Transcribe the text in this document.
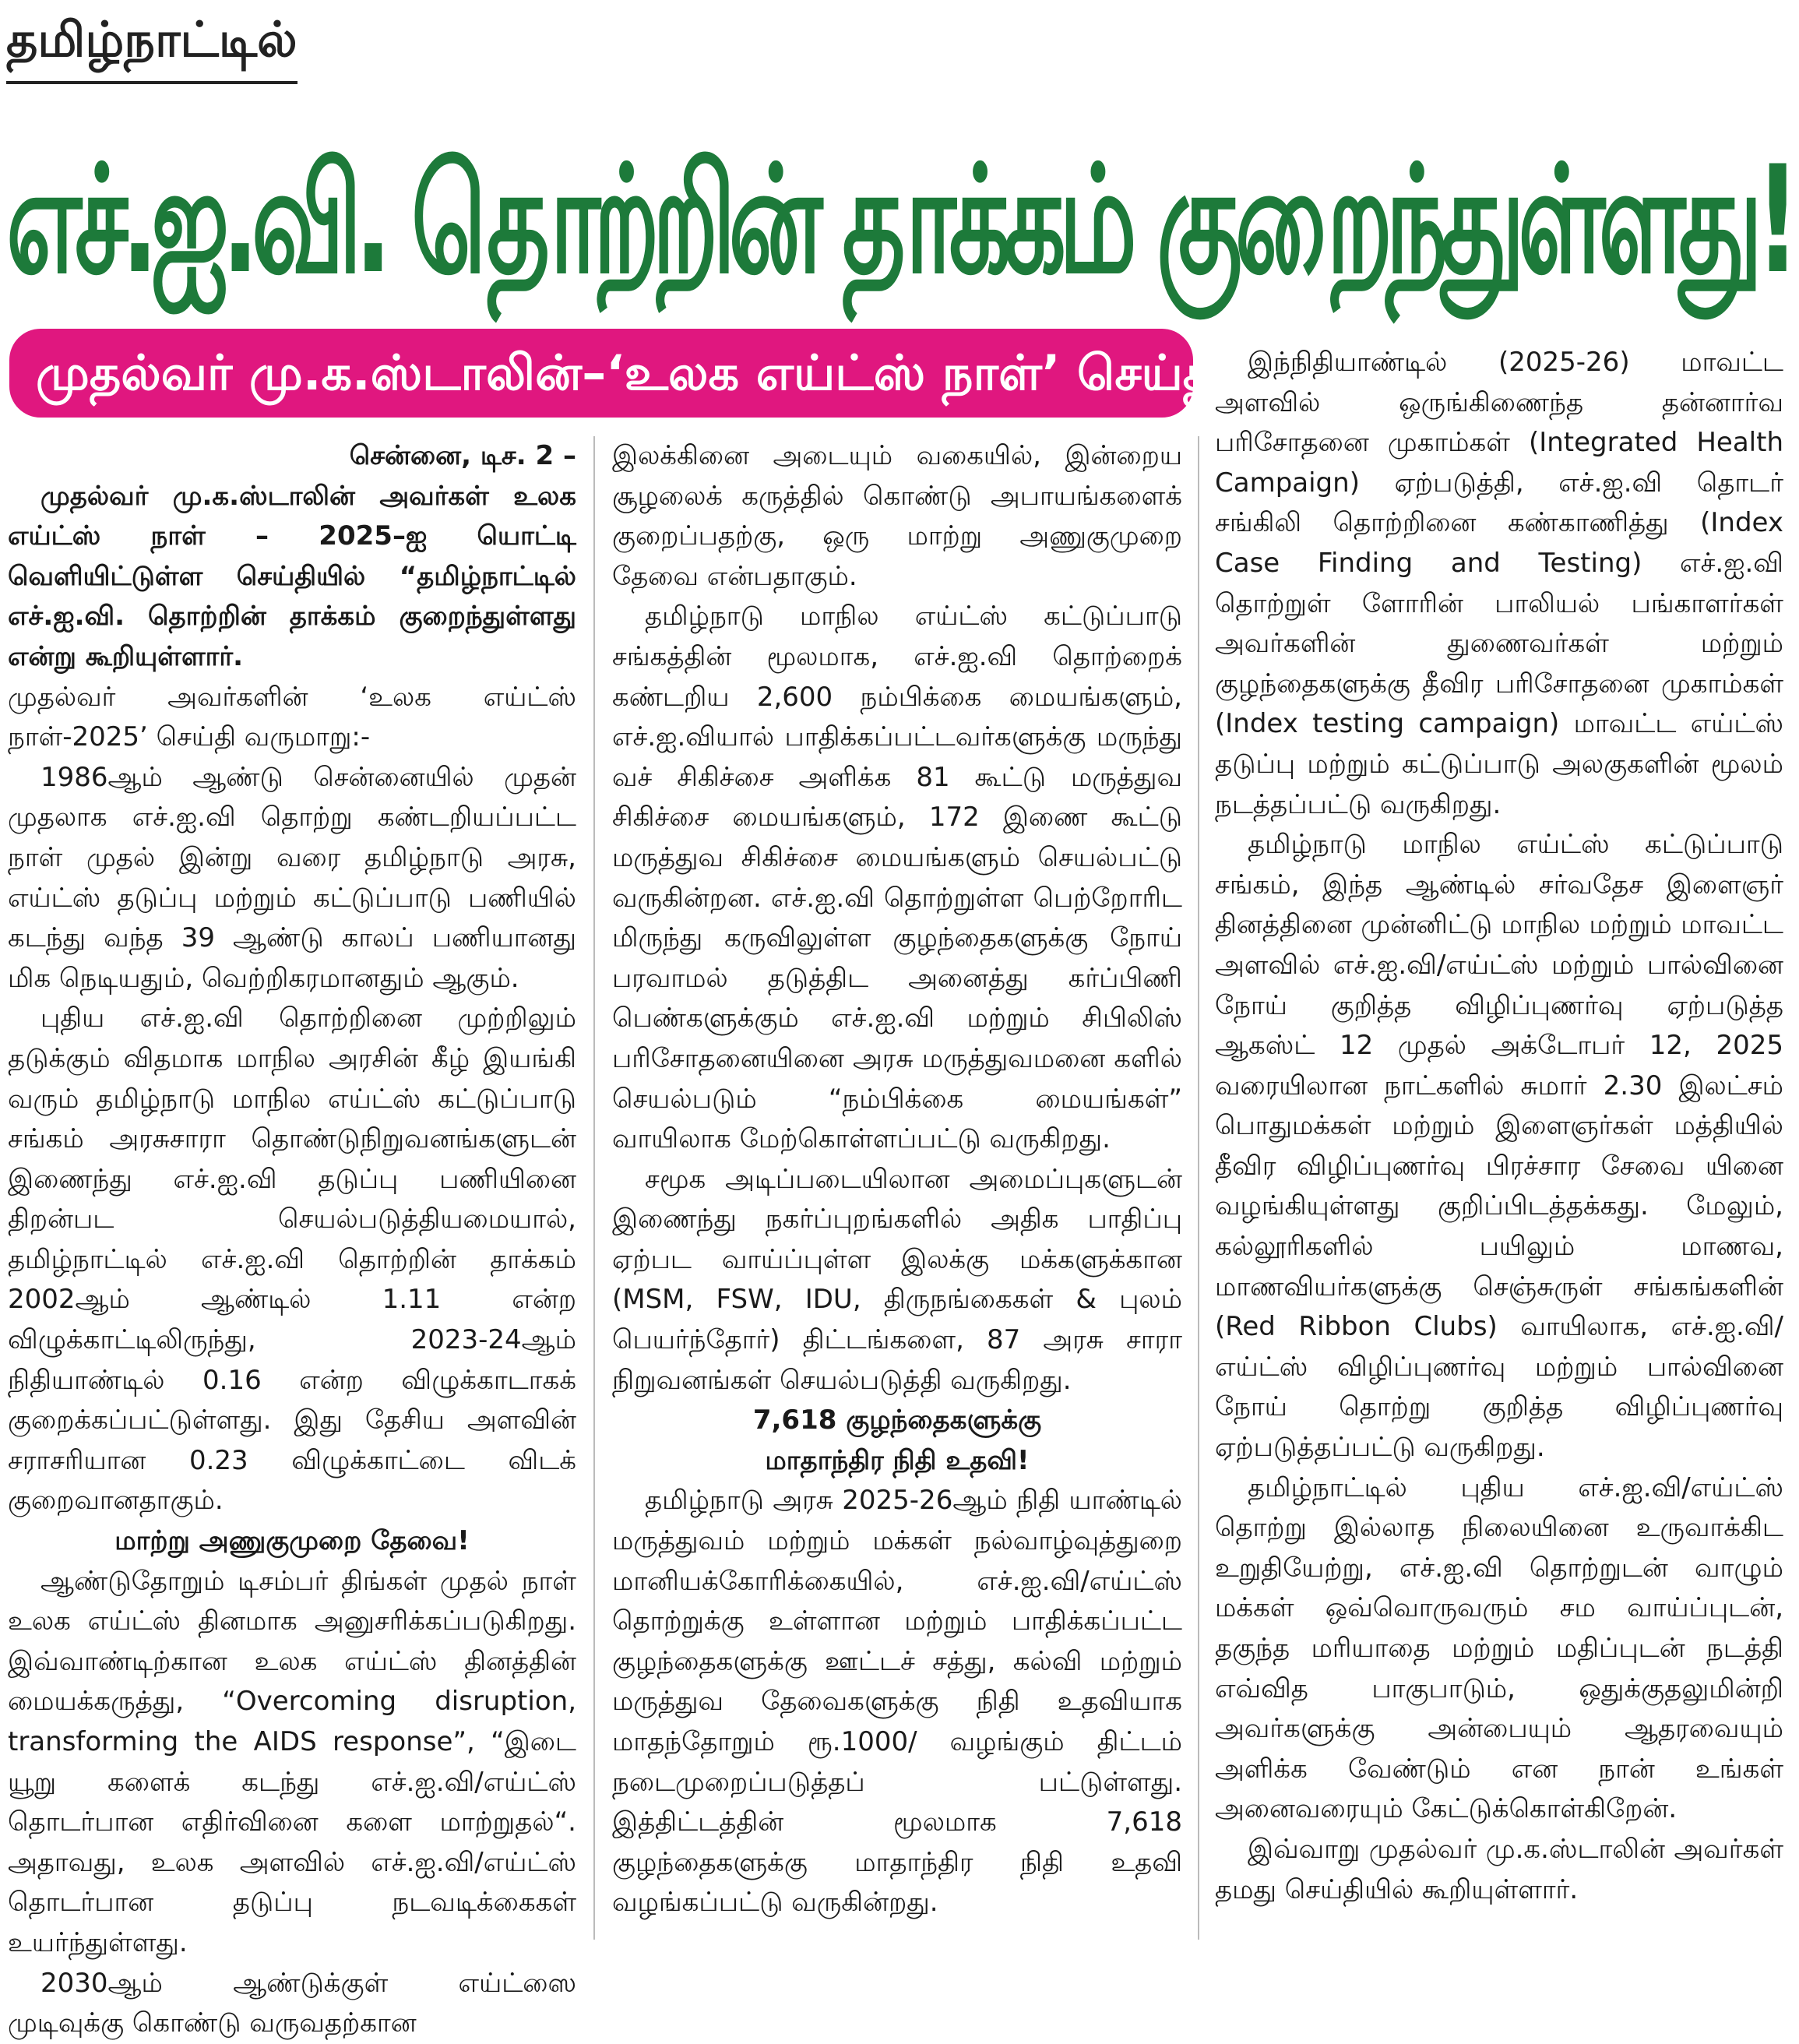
தமிழ்நாட்டில்
எச்.ஐ.வி. தொற்றின் தாக்கம் குறைந்துள்ளது!
முதல்வர் மு.க.ஸ்டாலின்–‘உலக எய்ட்ஸ் நாள்’ செய்தி!

சென்னை, டிச. 2 –

முதல்வர் மு.க.ஸ்டாலின் அவர்கள் உலக எய்ட்ஸ் நாள் – 2025–ஐ யொட்டி வெளியிட்டுள்ள செய்தியில் “தமிழ்நாட்டில் எச்.ஐ.வி. தொற்றின் தாக்கம் குறைந்துள்ளது என்று கூறியுள்ளார்.

முதல்வர் அவர்களின் ‘உலக எய்ட்ஸ் நாள்-2025’ செய்தி வருமாறு:-

1986ஆம் ஆண்டு சென்னையில் முதன் முதலாக எச்.ஐ.வி தொற்று கண்டறியப்பட்ட நாள் முதல் இன்று வரை தமிழ்நாடு அரசு, எய்ட்ஸ் தடுப்பு மற்றும் கட்டுப்பாடு பணியில் கடந்து வந்த 39 ஆண்டு காலப் பணியானது மிக நெடியதும், வெற்றிகரமானதும் ஆகும்.

புதிய எச்.ஐ.வி தொற்றினை முற்றிலும் தடுக்கும் விதமாக மாநில அரசின் கீழ் இயங்கி வரும் தமிழ்நாடு மாநில எய்ட்ஸ் கட்டுப்பாடு சங்கம் அரசுசாரா தொண்டுநிறுவனங்களுடன் இணைந்து எச்.ஐ.வி தடுப்பு பணியினை திறன்பட செயல்படுத்தியமையால், தமிழ்நாட்டில் எச்.ஐ.வி தொற்றின் தாக்கம் 2002ஆம் ஆண்டில் 1.11 என்ற விழுக்காட்டிலிருந்து, 2023-24ஆம் நிதியாண்டில் 0.16 என்ற விழுக்காடாகக் குறைக்கப்பட்டுள்ளது. இது தேசிய அளவின் சராசரியான 0.23 விழுக்காட்டை விடக் குறைவானதாகும்.

மாற்று அணுகுமுறை தேவை!

ஆண்டுதோறும் டிசம்பர் திங்கள் முதல் நாள் உலக எய்ட்ஸ் தினமாக அனுசரிக்கப்படுகிறது. இவ்வாண்டிற்கான உலக எய்ட்ஸ் தினத்தின் மையக்கருத்து, “Overcoming disruption, transforming the AIDS response”, “இடை யூறு களைக் கடந்து எச்.ஐ.வி/எய்ட்ஸ் தொடர்பான எதிர்வினை களை மாற்றுதல்“. அதாவது, உலக அளவில் எச்.ஐ.வி/எய்ட்ஸ் தொடர்பான தடுப்பு நடவடிக்கைகள் உயர்ந்துள்ளது.

2030ஆம் ஆண்டுக்குள் எய்ட்ஸை முடிவுக்கு கொண்டு வருவதற்கான

இலக்கினை அடையும் வகையில், இன்றைய சூழலைக் கருத்தில் கொண்டு அபாயங்களைக் குறைப்பதற்கு, ஒரு மாற்று அணுகுமுறை தேவை என்பதாகும்.

தமிழ்நாடு மாநில எய்ட்ஸ் கட்டுப்பாடு சங்கத்தின் மூலமாக, எச்.ஐ.வி தொற்றைக் கண்டறிய 2,600 நம்பிக்கை மையங்களும், எச்.ஐ.வியால் பாதிக்கப்பட்டவர்களுக்கு மருந்து வச் சிகிச்சை அளிக்க 81 கூட்டு மருத்துவ சிகிச்சை மையங்களும், 172 இணை கூட்டு மருத்துவ சிகிச்சை மையங்களும் செயல்பட்டு வருகின்றன. எச்.ஐ.வி தொற்றுள்ள பெற்றோரிட மிருந்து கருவிலுள்ள குழந்தைகளுக்கு நோய் பரவாமல் தடுத்திட அனைத்து கர்ப்பிணி பெண்களுக்கும் எச்.ஐ.வி மற்றும் சிபிலிஸ் பரிசோதனையினை அரசு மருத்துவமனை களில் செயல்படும் “நம்பிக்கை மையங்கள்” வாயிலாக மேற்கொள்ளப்பட்டு வருகிறது.

சமூக அடிப்படையிலான அமைப்புகளுடன் இணைந்து நகர்ப்புறங்களில் அதிக பாதிப்பு ஏற்பட வாய்ப்புள்ள இலக்கு மக்களுக்கான (MSM, FSW, IDU, திருநங்கைகள் & புலம் பெயர்ந்தோர்) திட்டங்களை, 87 அரசு சாரா நிறுவனங்கள் செயல்படுத்தி வருகிறது.

7,618 குழந்தைகளுக்கு

மாதாந்திர நிதி உதவி!

தமிழ்நாடு அரசு 2025-26ஆம் நிதி யாண்டில் மருத்துவம் மற்றும் மக்கள் நல்வாழ்வுத்துறை மானியக்கோரிக்கையில், எச்.ஐ.வி/எய்ட்ஸ் தொற்றுக்கு உள்ளான மற்றும் பாதிக்கப்பட்ட குழந்தைகளுக்கு ஊட்டச் சத்து, கல்வி மற்றும் மருத்துவ தேவைகளுக்கு நிதி உதவியாக மாதந்தோறும் ரூ.1000/ வழங்கும் திட்டம் நடைமுறைப்படுத்தப் பட்டுள்ளது. இத்திட்டத்தின் மூலமாக 7,618 குழந்தைகளுக்கு மாதாந்திர நிதி உதவி வழங்கப்பட்டு வருகின்றது.

இந்நிதியாண்டில் (2025-26) மாவட்ட அளவில் ஒருங்கிணைந்த தன்னார்வ பரிசோதனை முகாம்கள் (Integrated Health Campaign) ஏற்படுத்தி, எச்.ஐ.வி தொடர் சங்கிலி தொற்றினை கண்காணித்து (Index Case Finding and Testing) எச்.ஐ.வி தொற்றுள் ளோரின் பாலியல் பங்காளர்கள் அவர்களின் துணைவர்கள் மற்றும் குழந்தைகளுக்கு தீவிர பரிசோதனை முகாம்கள் (Index testing campaign) மாவட்ட எய்ட்ஸ் தடுப்பு மற்றும் கட்டுப்பாடு அலகுகளின் மூலம் நடத்தப்பட்டு வருகிறது.

தமிழ்நாடு மாநில எய்ட்ஸ் கட்டுப்பாடு சங்கம், இந்த ஆண்டில் சர்வதேச இளைஞர் தினத்தினை முன்னிட்டு மாநில மற்றும் மாவட்ட அளவில் எச்.ஐ.வி/எய்ட்ஸ் மற்றும் பால்வினை நோய் குறித்த விழிப்புணர்வு ஏற்படுத்த ஆகஸ்ட் 12 முதல் அக்டோபர் 12, 2025 வரையிலான நாட்களில் சுமார் 2.30 இலட்சம் பொதுமக்கள் மற்றும் இளைஞர்கள் மத்தியில் தீவிர விழிப்புணர்வு பிரச்சார சேவை யினை வழங்கியுள்ளது குறிப்பிடத்தக்கது. மேலும், கல்லூரிகளில் பயிலும் மாணவ, மாணவியர்களுக்கு செஞ்சுருள் சங்கங்களின் (Red Ribbon Clubs) வாயிலாக, எச்.ஐ.வி/ எய்ட்ஸ் விழிப்புணர்வு மற்றும் பால்வினை நோய் தொற்று குறித்த விழிப்புணர்வு ஏற்படுத்தப்பட்டு வருகிறது.

தமிழ்நாட்டில் புதிய எச்.ஐ.வி/எய்ட்ஸ் தொற்று இல்லாத நிலையினை உருவாக்கிட உறுதியேற்று, எச்.ஐ.வி தொற்றுடன் வாழும் மக்கள் ஒவ்வொருவரும் சம வாய்ப்புடன், தகுந்த மரியாதை மற்றும் மதிப்புடன் நடத்தி எவ்வித பாகுபாடும், ஒதுக்குதலுமின்றி அவர்களுக்கு அன்பையும் ஆதரவையும் அளிக்க வேண்டும் என நான் உங்கள் அனைவரையும் கேட்டுக்கொள்கிறேன்.

இவ்வாறு முதல்வர் மு.க.ஸ்டாலின் அவர்கள் தமது செய்தியில் கூறியுள்ளார்.
